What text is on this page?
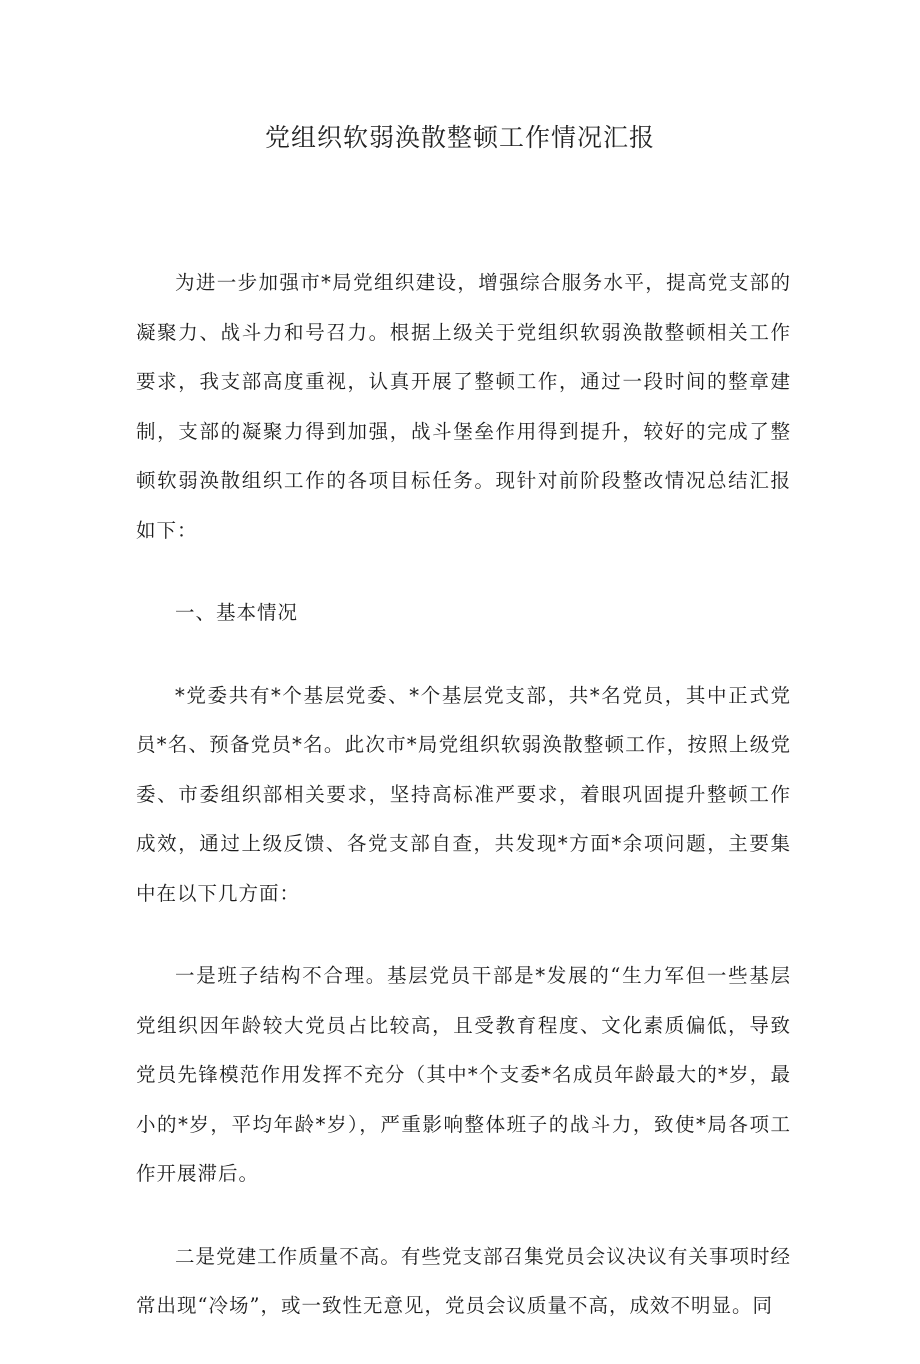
党组织软弱涣散整顿工作情况汇报

为进一步加强市*局党组织建设，增强综合服务水平，提高党支部的凝聚力、战斗力和号召力。根据上级关于党组织软弱涣散整顿相关工作要求，我支部高度重视，认真开展了整顿工作，通过一段时间的整章建制，支部的凝聚力得到加强，战斗堡垒作用得到提升，较好的完成了整顿软弱涣散组织工作的各项目标任务。现针对前阶段整改情况总结汇报如下：

一、基本情况

*党委共有*个基层党委、*个基层党支部，共*名党员，其中正式党员*名、预备党员*名。此次市*局党组织软弱涣散整顿工作，按照上级党委、市委组织部相关要求，坚持高标准严要求，着眼巩固提升整顿工作成效，通过上级反馈、各党支部自查，共发现*方面*余项问题，主要集中在以下几方面：

一是班子结构不合理。基层党员干部是*发展的“生力军但一些基层党组织因年龄较大党员占比较高，且受教育程度、文化素质偏低，导致党员先锋模范作用发挥不充分（其中*个支委*名成员年龄最大的*岁，最小的*岁，平均年龄*岁），严重影响整体班子的战斗力，致使*局各项工作开展滞后。

二是党建工作质量不高。有些党支部召集党员会议决议有关事项时经常出现“冷场”，或一致性无意见，党员会议质量不高，成效不明显。同
